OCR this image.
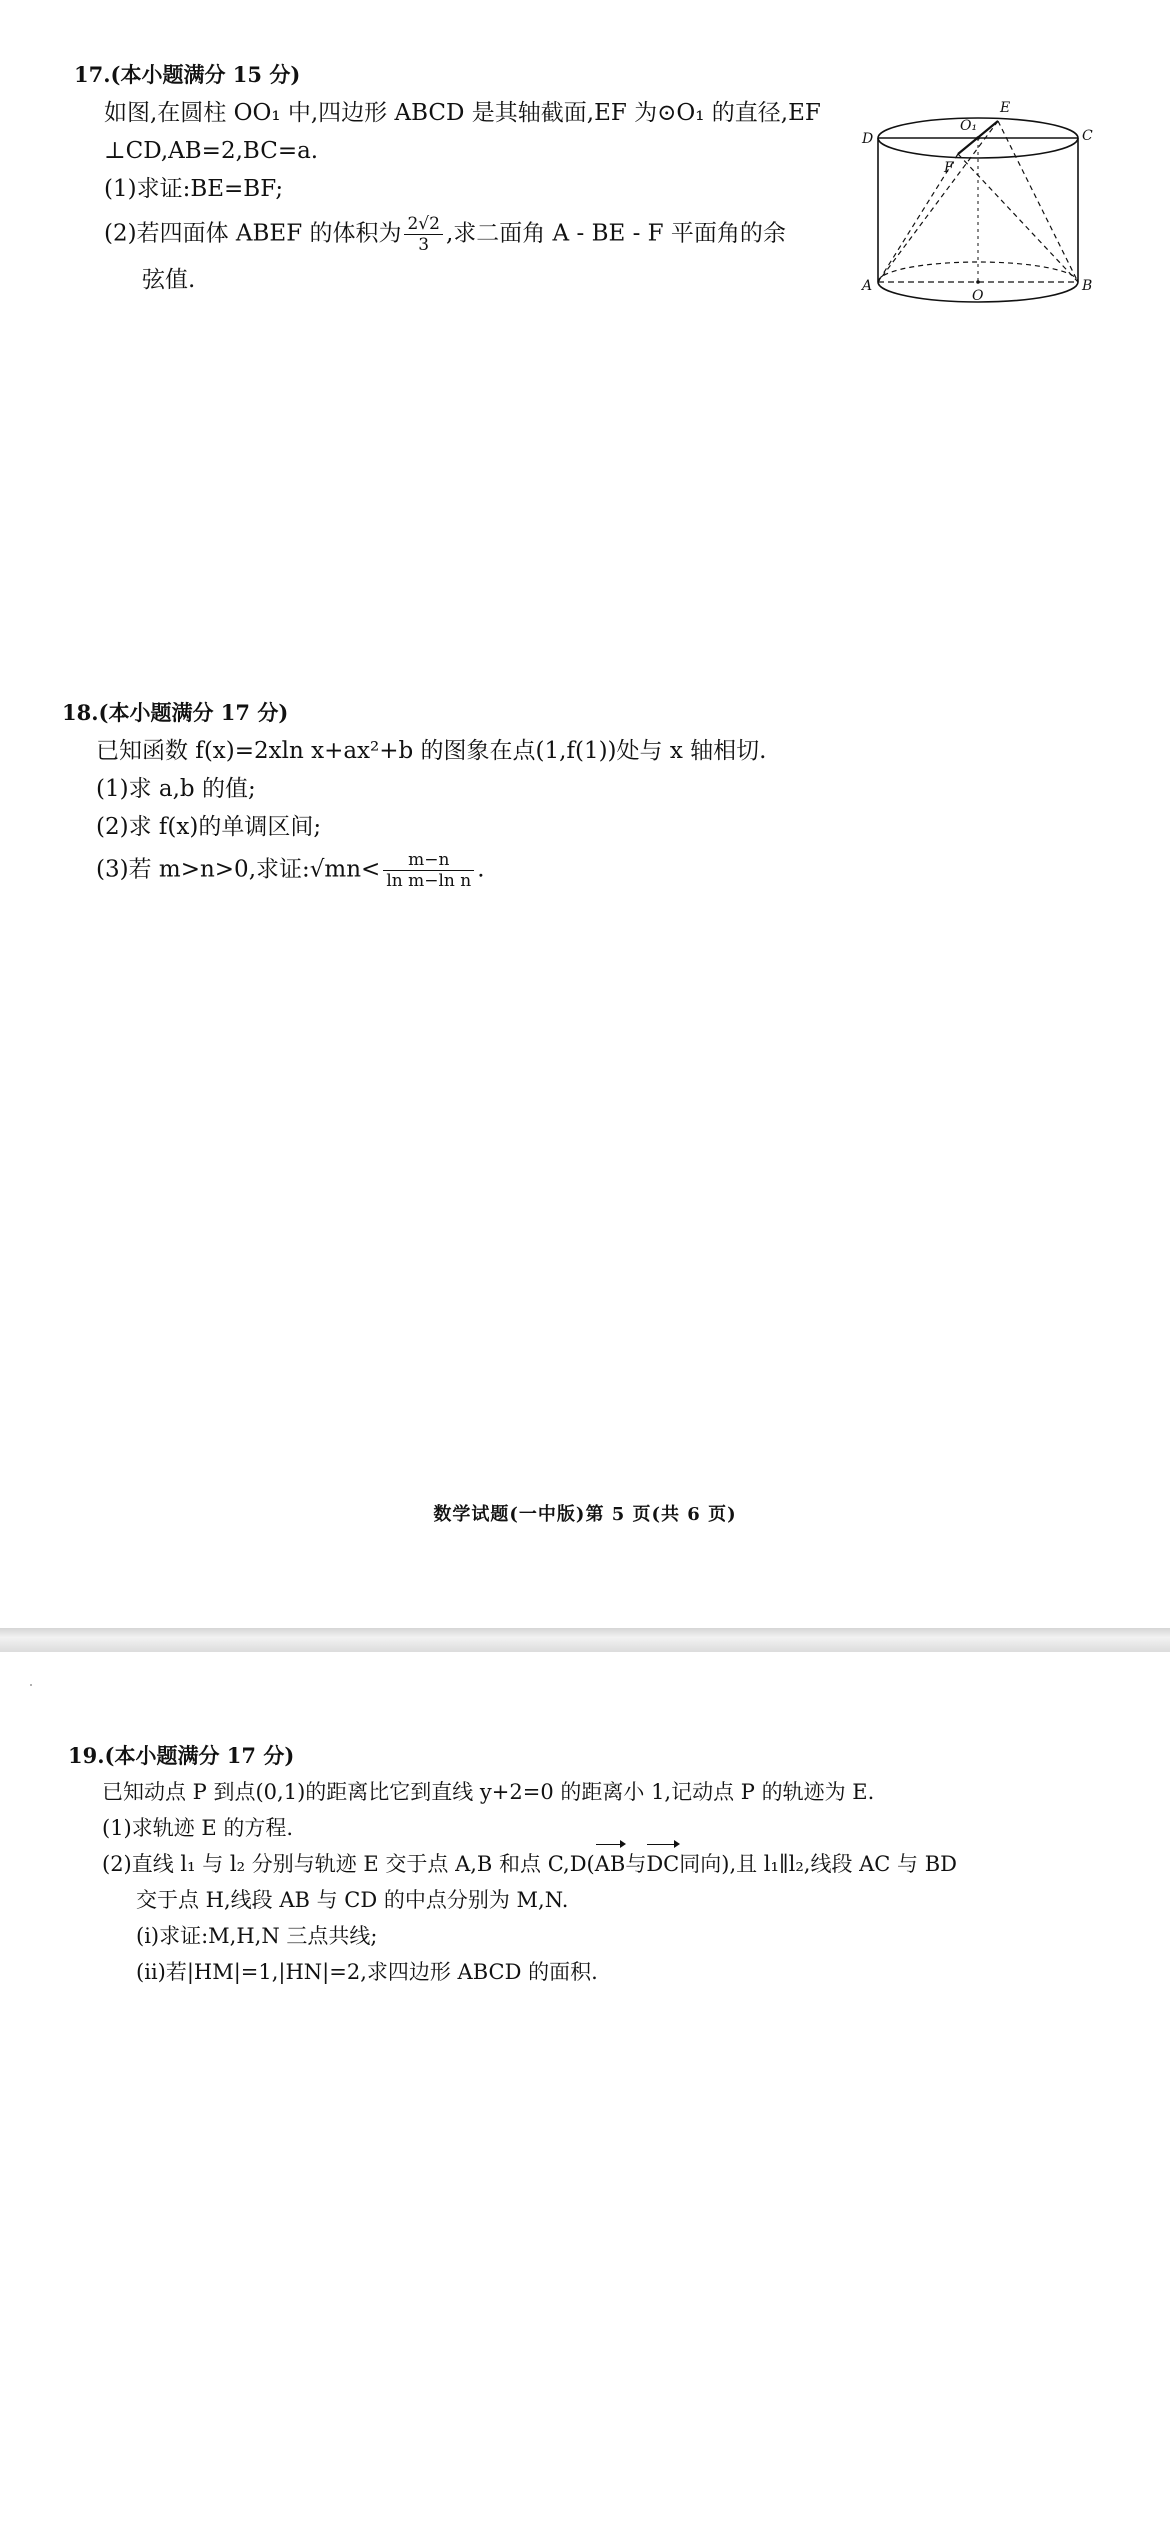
17.(本小题满分 15 分)
如图,在圆柱 OO₁ 中,四边形 ABCD 是其轴截面,EF 为⊙O₁ 的直径,EF
⊥CD,AB=2,BC=a.
(1)求证:BE=BF;
(2)若四面体 ABEF 的体积为 $\frac{2√2}{3}$ ,求二面角 A - BE - F 平面角的余
弦值.
D
O₁
E
C
F
A
O
B
18.(本小题满分 17 分)
已知函数 f(x)=2xln x+ax²+b 的图象在点(1,f(1))处与 x 轴相切.
(1)求 a,b 的值;
(2)求 f(x)的单调区间;
(3)若 m>n>0,求证:√mn< $\frac{m-n}{\text{ln m−ln n}}$ .
数学试题(一中版)第 5 页(共 6 页)
19.(本小题满分 17 分)
已知动点 P 到点(0,1)的距离比它到直线 y+2=0 的距离小 1,记动点 P 的轨迹为 E.
(1)求轨迹 E 的方程.
(2)直线 l₁ 与 l₂ 分别与轨迹 E 交于点 A,B 和点 C,D(AB与DC同向),且 l₁∥l₂,线段 AC 与 BD
交于点 H,线段 AB 与 CD 的中点分别为 M,N.
(ⅰ)求证:M,H,N 三点共线;
(ⅱ)若|HM|=1,|HN|=2,求四边形 ABCD 的面积.
